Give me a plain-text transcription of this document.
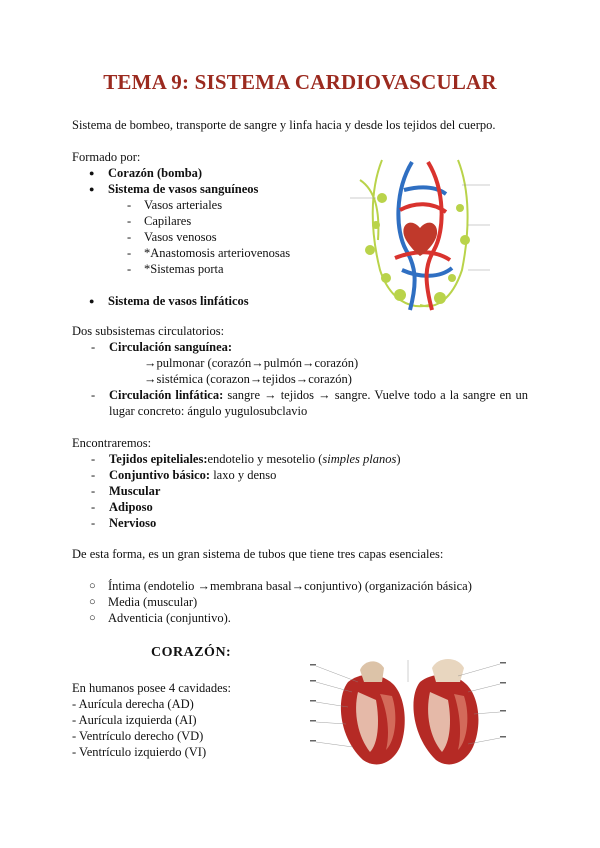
TEMA 9: SISTEMA CARDIOVASCULAR
Sistema de bombeo, transporte de sangre y linfa hacia y desde los tejidos del cuerpo.
Formado por:
● Corazón (bomba)
● Sistema de vasos sanguíneos
- Vasos arteriales
- Capilares
- Vasos venosos
- *Anastomosis arteriovenosas
- *Sistemas porta
● Sistema de vasos linfáticos
Dos subsistemas circulatorios:
- Circulación sanguínea:
→pulmonar (corazón→pulmón→corazón)
→sistémica (corazon→tejidos→corazón)
- Circulación linfática: sangre → tejidos → sangre. Vuelve todo a la sangre en un lugar concreto: ángulo yugulosubclavio
Encontraremos:
- Tejidos epiteliales:endotelio y mesotelio (simples planos)
- Conjuntivo básico: laxo y denso
- Muscular
- Adiposo
- Nervioso
De esta forma, es un gran sistema de tubos que tiene tres capas esenciales:
○ Íntima (endotelio →membrana basal→conjuntivo) (organización básica)
○ Media (muscular)
○ Adventicia (conjuntivo).
CORAZÓN:
En humanos posee 4 cavidades:
- Aurícula derecha (AD)
- Aurícula izquierda (AI)
- Ventrículo derecho (VD)
- Ventrículo izquierdo (VI)
